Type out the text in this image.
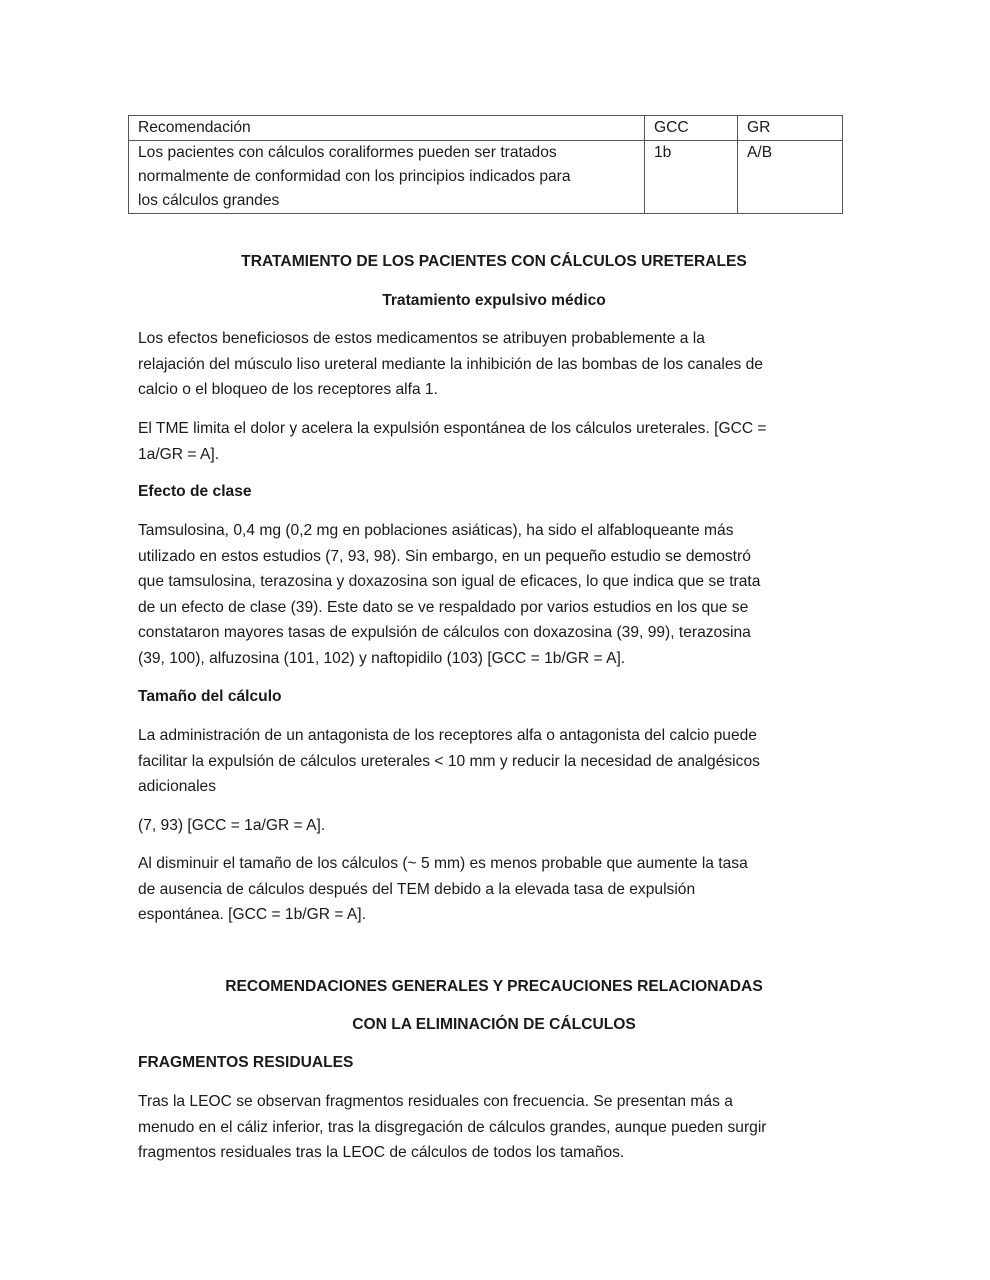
Recomendación	GCC	GR

Los pacientes con cálculos coraliformes pueden ser tratados
normalmente de conformidad con los principios indicados para
los cálculos grandes	1b	A/B
TRATAMIENTO DE LOS PACIENTES CON CÁLCULOS URETERALES
Tratamiento expulsivo médico
Los efectos beneficiosos de estos medicamentos se atribuyen probablemente a la
relajación del músculo liso ureteral mediante la inhibición de las bombas de los canales de
calcio o el bloqueo de los receptores alfa 1.
El TME limita el dolor y acelera la expulsión espontánea de los cálculos ureterales. [GCC =
1a/GR = A].
Efecto de clase
Tamsulosina, 0,4 mg (0,2 mg en poblaciones asiáticas), ha sido el alfabloqueante más
utilizado en estos estudios (7, 93, 98). Sin embargo, en un pequeño estudio se demostró
que tamsulosina, terazosina y doxazosina son igual de eficaces, lo que indica que se trata
de un efecto de clase (39). Este dato se ve respaldado por varios estudios en los que se
constataron mayores tasas de expulsión de cálculos con doxazosina (39, 99), terazosina
(39, 100), alfuzosina (101, 102) y naftopidilo (103) [GCC = 1b/GR = A].
Tamaño del cálculo
La administración de un antagonista de los receptores alfa o antagonista del calcio puede
facilitar la expulsión de cálculos ureterales < 10 mm y reducir la necesidad de analgésicos
adicionales
(7, 93) [GCC = 1a/GR = A].
Al disminuir el tamaño de los cálculos (~ 5 mm) es menos probable que aumente la tasa
de ausencia de cálculos después del TEM debido a la elevada tasa de expulsión
espontánea. [GCC = 1b/GR = A].
RECOMENDACIONES GENERALES Y PRECAUCIONES RELACIONADAS
CON LA ELIMINACIÓN DE CÁLCULOS
FRAGMENTOS RESIDUALES
Tras la LEOC se observan fragmentos residuales con frecuencia. Se presentan más a
menudo en el cáliz inferior, tras la disgregación de cálculos grandes, aunque pueden surgir
fragmentos residuales tras la LEOC de cálculos de todos los tamaños.
